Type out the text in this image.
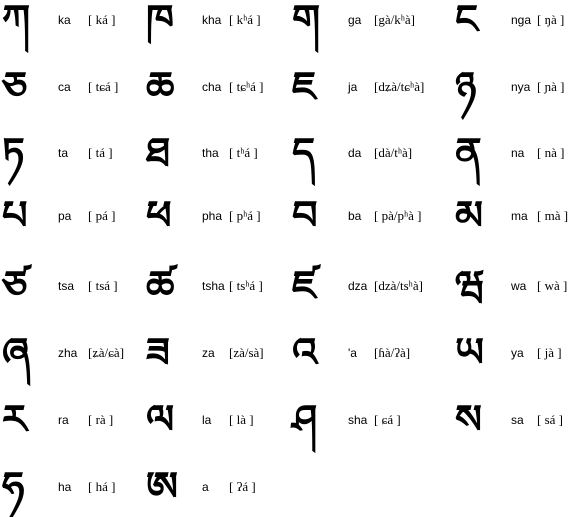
ཀ ka [ ká ] ཁ kha [ kʰá ] ག ga [gà/kʰà] ང	nga [ ŋà ]
ཅ	ca [ tɕá ] ཆ cha [ tɕʰá ] ཇ	ja [dʑà/tɕʰà] ཉ	nya [ ɲà ]
ཏ	ta [ tá ] ཐ	tha [ tʰá ] ད	da [dà/tʰà] ན na [ nà ]
པ	pa [ pá ] ཕ	pha [ pʰá ] བ	ba [ pà/pʰà ] མ ma [ mà ]
ཙ	tsa [ tsá ] ཚ tsha [ tsʰá ] ཛ	dza [dzà/tsʰà] ཝ wa [ wà ]
ཞ zha [ʑà/ɕà] ཟ	za [zà/sà] འ	'a [ɦà/ʔà] ཡ ya [ jà ]
ར	ra [ rà ] ལ la [ là ] ཤ	sha [ ɕá ] ས sa [ sá ]
ཧ	ha [ há ] ཨ a [ ʔá ]
